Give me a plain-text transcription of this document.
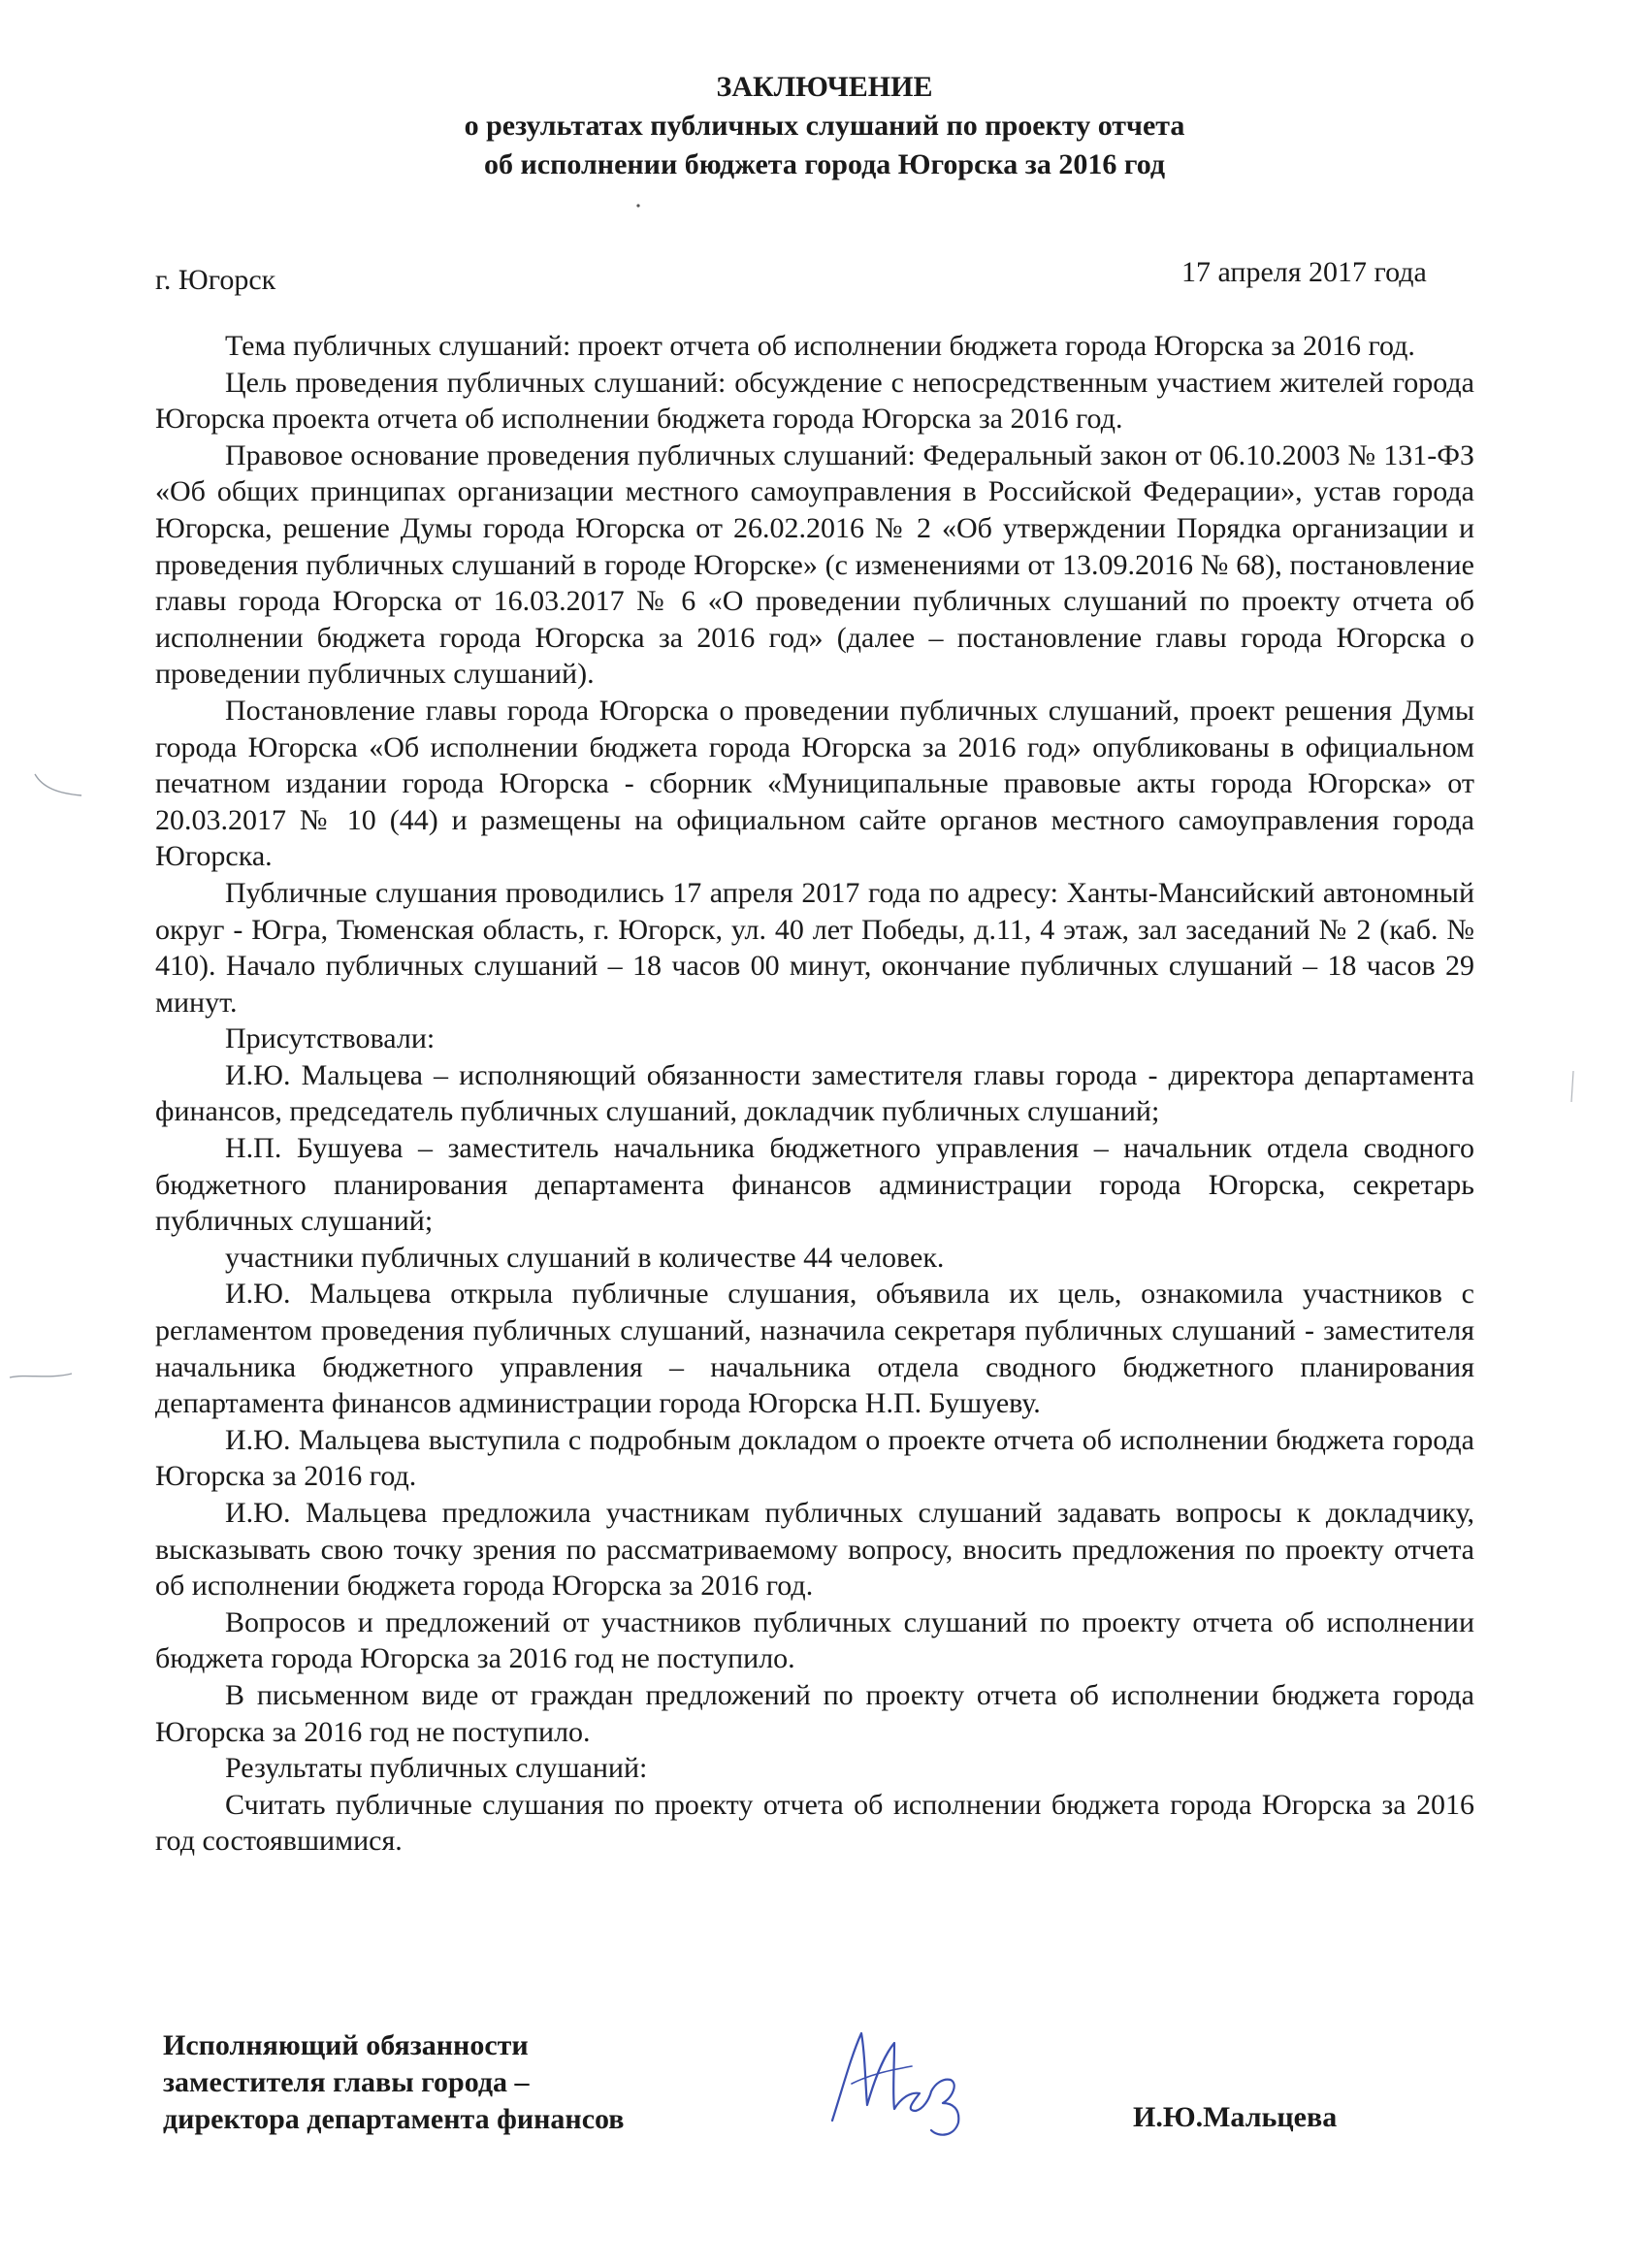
ЗАКЛЮЧЕНИЕ
о результатах публичных слушаний по проекту отчета
об исполнении бюджета города Югорска за 2016 год
г. Югорск	17 апреля 2017 года

Тема публичных слушаний: проект отчета об исполнении бюджета города Югорска за 2016 год.

Цель проведения публичных слушаний: обсуждение с непосредственным участием жителей города Югорска проекта отчета об исполнении бюджета города Югорска за 2016 год.

Правовое основание проведения публичных слушаний: Федеральный закон от 06.10.2003 № 131-ФЗ «Об общих принципах организации местного самоуправления в Российской Федерации», устав города Югорска, решение Думы города Югорска от 26.02.2016 № 2 «Об утверждении Порядка организации и проведения публичных слушаний в городе Югорске» (с изменениями от 13.09.2016 № 68), постановление главы города Югорска от 16.03.2017 № 6 «О проведении публичных слушаний по проекту отчета об исполнении бюджета города Югорска за 2016 год» (далее – постановление главы города Югорска о проведении публичных слушаний).

Постановление главы города Югорска о проведении публичных слушаний, проект решения Думы города Югорска «Об исполнении бюджета города Югорска за 2016 год» опубликованы в официальном печатном издании города Югорска - сборник «Муниципальные правовые акты города Югорска» от 20.03.2017 № 10 (44) и размещены на официальном сайте органов местного самоуправления города Югорска.

Публичные слушания проводились 17 апреля 2017 года по адресу: Ханты-Мансийский автономный округ - Югра, Тюменская область, г. Югорск, ул. 40 лет Победы, д.11, 4 этаж, зал заседаний № 2 (каб. № 410). Начало публичных слушаний – 18 часов 00 минут, окончание публичных слушаний – 18 часов 29 минут.

Присутствовали:

И.Ю. Мальцева – исполняющий обязанности заместителя главы города - директора департамента финансов, председатель публичных слушаний, докладчик публичных слушаний;

Н.П. Бушуева – заместитель начальника бюджетного управления – начальник отдела сводного бюджетного планирования департамента финансов администрации города Югорска, секретарь публичных слушаний;

участники публичных слушаний в количестве 44 человек.

И.Ю. Мальцева открыла публичные слушания, объявила их цель, ознакомила участников с регламентом проведения публичных слушаний, назначила секретаря публичных слушаний - заместителя начальника бюджетного управления – начальника отдела сводного бюджетного планирования департамента финансов администрации города Югорска Н.П. Бушуеву.

И.Ю. Мальцева выступила с подробным докладом о проекте отчета об исполнении бюджета города Югорска за 2016 год.

И.Ю. Мальцева предложила участникам публичных слушаний задавать вопросы к докладчику, высказывать свою точку зрения по рассматриваемому вопросу, вносить предложения по проекту отчета об исполнении бюджета города Югорска за 2016 год.

Вопросов и предложений от участников публичных слушаний по проекту отчета об исполнении бюджета города Югорска за 2016 год не поступило.

В письменном виде от граждан предложений по проекту отчета об исполнении бюджета города Югорска за 2016 год не поступило.

Результаты публичных слушаний:

Считать публичные слушания по проекту отчета об исполнении бюджета города Югорска за 2016 год состоявшимися.

Исполняющий обязанности
заместителя главы города –
директора департамента финансов	И.Ю.Мальцева
